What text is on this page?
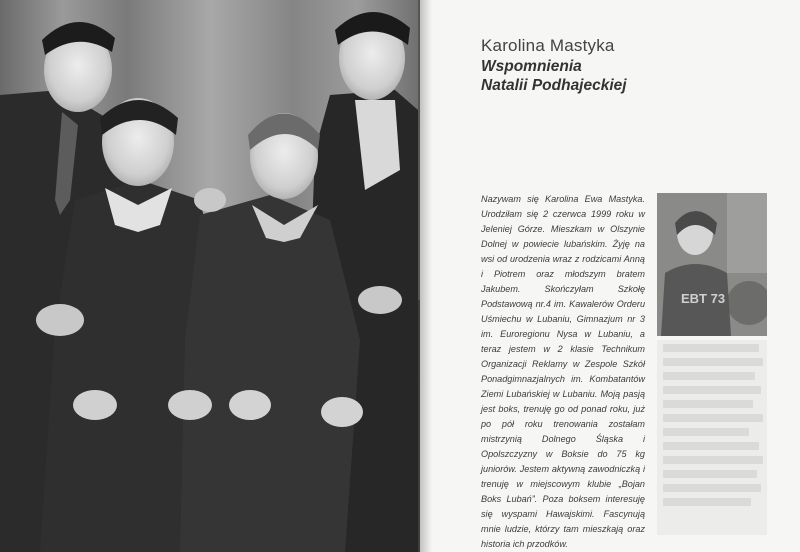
Karolina Mastyka
Wspomnienia
Natalii Podhajeckiej
Nazywam się Karolina Ewa Mastyka. Urodziłam się 2 czerwca 1999 roku w Jeleniej Górze. Mieszkam w Olszynie Dolnej w powiecie lubańskim. Żyję na wsi od urodzenia wraz z rodzicami Anną i Piotrem oraz młodszym bratem Jakubem. Skończyłam Szkołę Podstawową nr.4 im. Kawalerów Orderu Uśmiechu w Lubaniu, Gimnazjum nr 3 im. Euroregionu Nysa w Lubaniu, a teraz jestem w 2 klasie Technikum Organizacji Reklamy w Zespole Szkół Ponadgimnazjalnych im. Kombatantów Ziemi Lubańskiej w Lubaniu. Moją pasją jest boks, trenuję go od ponad roku, już po pół roku trenowania zostałam mistrzynią Dolnego Śląska i Opolszczyzny w Boksie do 75 kg juniorów. Jestem aktywną zawodniczką i trenuję w miejscowym klubie „Bojan Boks Lubań”. Poza boksem interesuję się wyspami Hawajskimi. Fascynują mnie ludzie, którzy tam mieszkają oraz historia ich przodków.
EBT 73
